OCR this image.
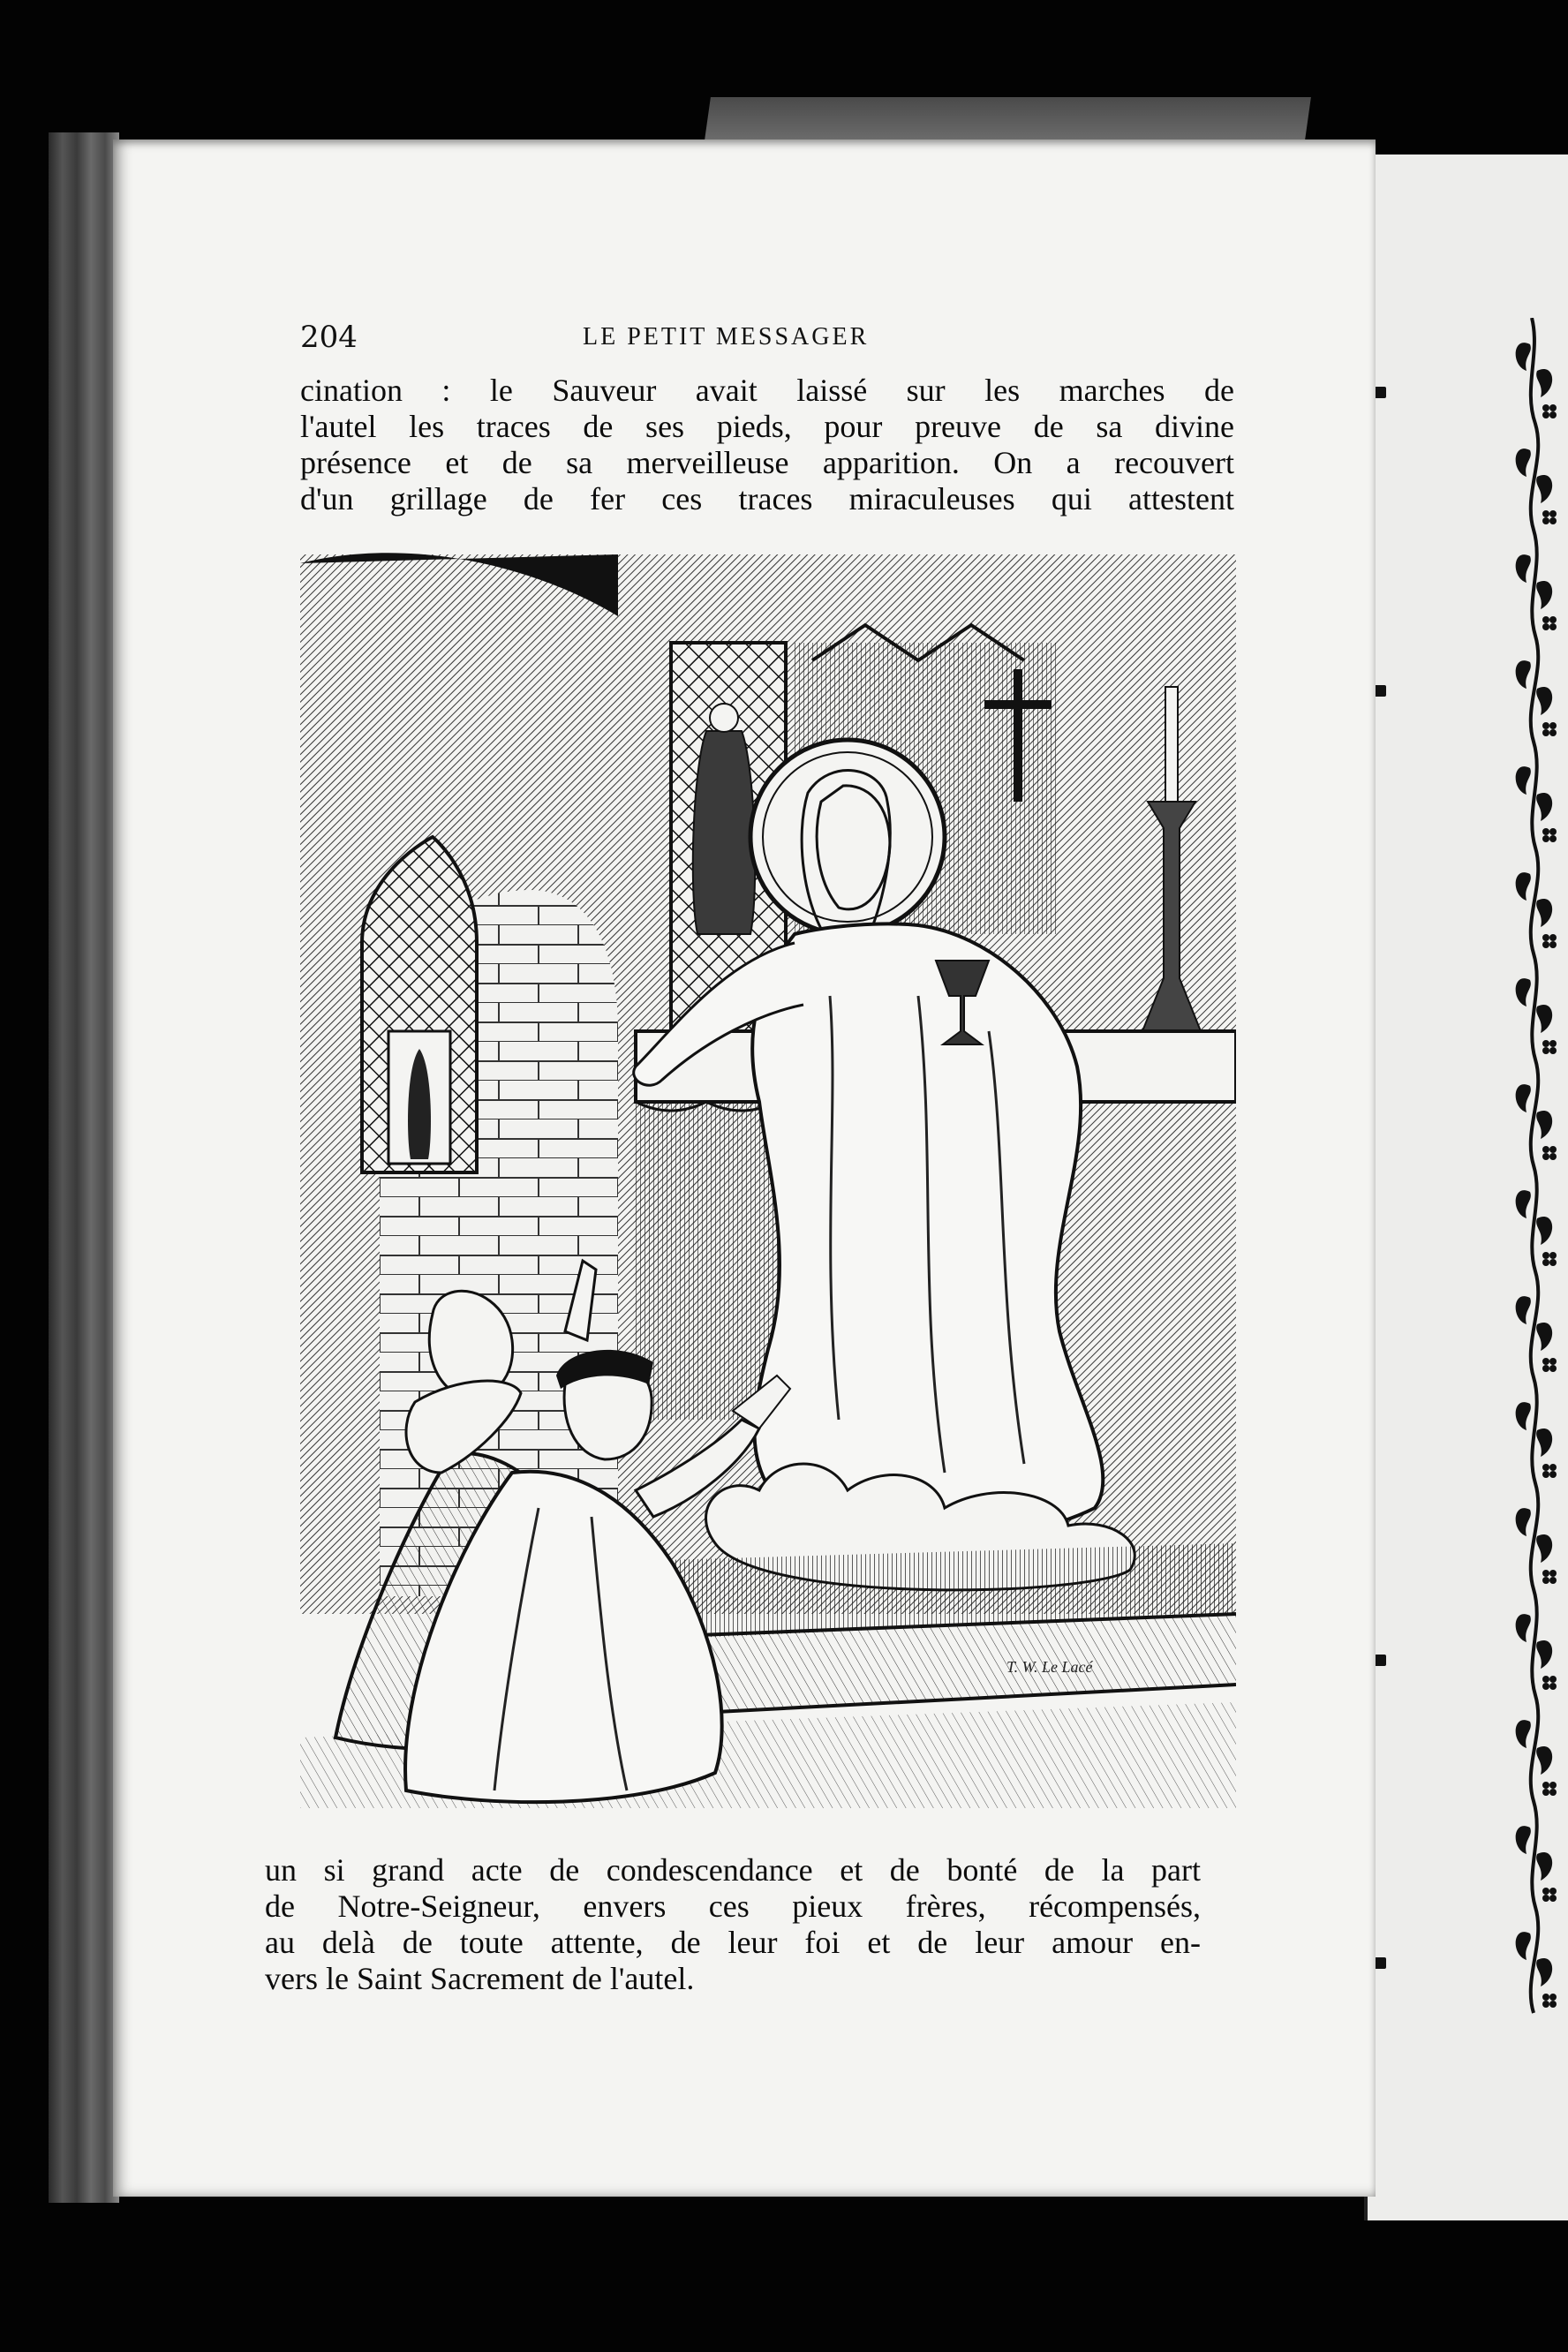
204	LE PETIT MESSAGER
cination : le Sauveur avait laissé sur les marches de
l'autel les traces de ses pieds, pour preuve de sa divine
présence et de sa merveilleuse apparition. On a recouvert
d'un grillage de fer ces traces miraculeuses qui attestent
T. W. Le Lacé
un si grand acte de condescendance et de bonté de la part
de Notre-Seigneur, envers ces pieux frères, récompensés,
au delà de toute attente, de leur foi et de leur amour en-
vers le Saint Sacrement de l'autel.
